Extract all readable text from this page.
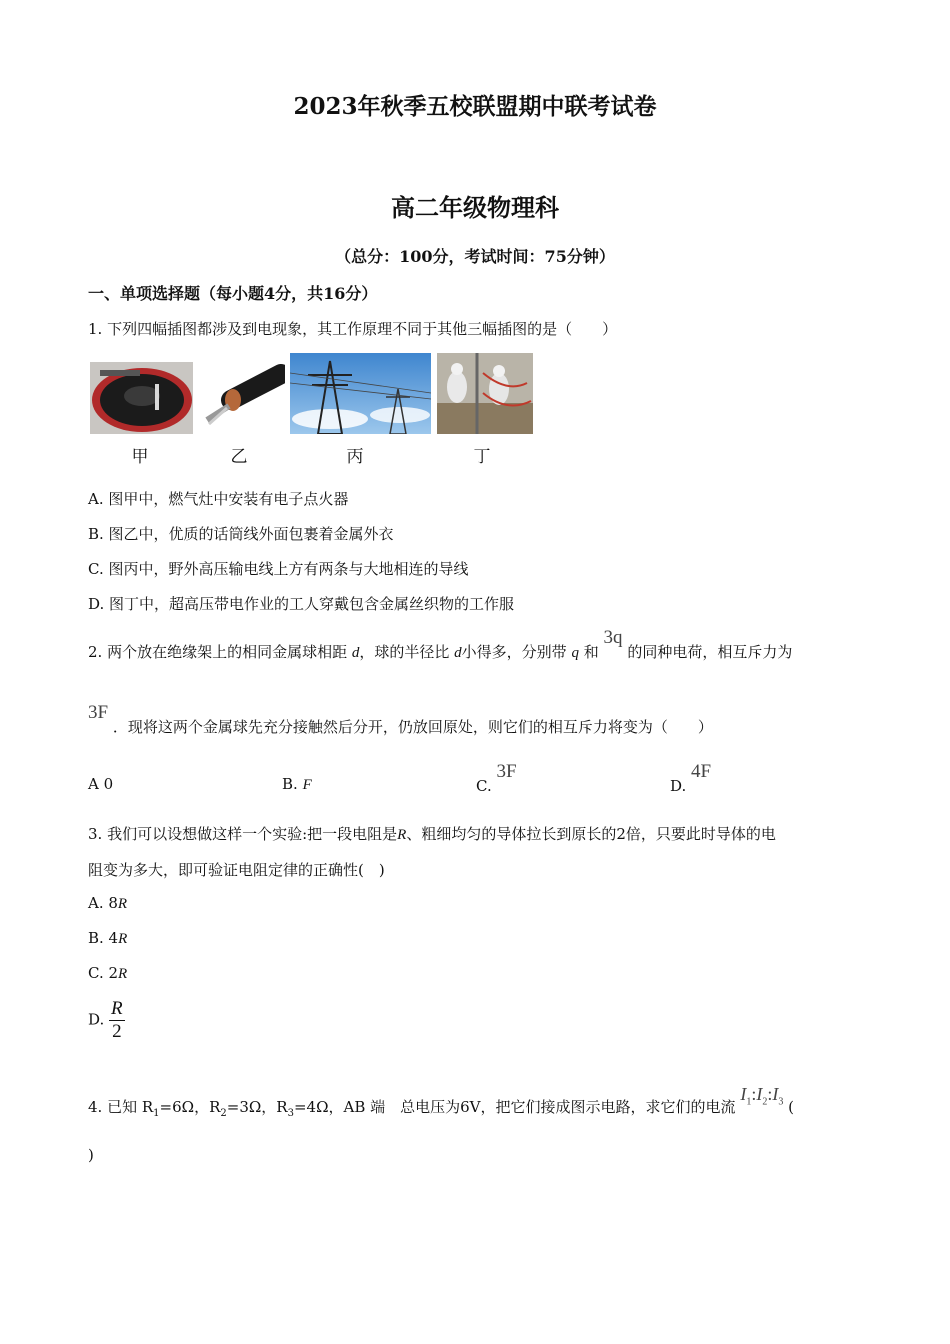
2023年秋季五校联盟期中联考试卷
高二年级物理科
（总分：100分，考试时间：75分钟）
一、单项选择题（每小题4分，共16分）
1. 下列四幅插图都涉及到电现象，其工作原理不同于其他三幅插图的是（　　）
甲	乙	丙	丁
A. 图甲中，燃气灶中安装有电子点火器
B. 图乙中，优质的话筒线外面包裹着金属外衣
C. 图丙中，野外高压输电线上方有两条与大地相连的导线
D. 图丁中，超高压带电作业的工人穿戴包含金属丝织物的工作服
2. 两个放在绝缘架上的相同金属球相距 d，球的半径比 d小得多，分别带 q 和 3q 的同种电荷，相互斥力为
3F ．现将这两个金属球先充分接触然后分开，仍放回原处，则它们的相互斥力将变为（　　）
A 0	B. F	C. 3F
D. 4F
3. 我们可以设想做这样一个实验:把一段电阻是R、粗细均匀的导体拉长到原长的2倍，只要此时导体的电
阻变为多大，即可验证电阻定律的正确性(　)
A. 8R
B. 4R
C. 2R
D. $\frac{R}{2}$
4. 已知 $R_1=6\Omega$，$R_2=3\Omega$，$R_3=4\Omega$，AB 端　总电压为6V，把它们接成图示电路，求它们的电流 $I_1:I_2:I_3$ (
)
